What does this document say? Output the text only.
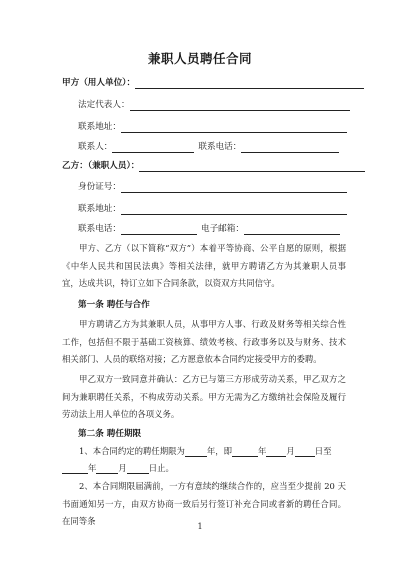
兼职人员聘任合同
甲方（用人单位）：
法定代表人：
联系地址：
联系人：	联系电话：
乙方：（兼职人员）：
身份证号：
联系地址：
联系电话：	电子邮箱：
甲方、乙方（以下简称“双方”）本着平等协商、公平自愿的原则，根据《中华人民共和国民法典》等相关法律，就甲方聘请乙方为其兼职人员事宜，达成共识，特订立如下合同条款，以资双方共同信守。
第一条 聘任与合作
甲方聘请乙方为其兼职人员，从事甲方人事、行政及财务等相关综合性工作，包括但不限于基础工资核算、绩效考核、行政事务以及与财务、技术相关部门、人员的联络对接；乙方愿意依本合同约定接受甲方的委聘。
甲乙双方一致同意并确认：乙方已与第三方形成劳动关系，甲乙双方之间为兼职聘任关系，不构成劳动关系。甲方无需为乙方缴纳社会保险及履行劳动法上用人单位的各项义务。
第二条 聘任期限
1、本合同约定的聘任期限为	年，即	年 月 日至
年	月	日止。
2、本合同期限届满前，一方有意续约继续合作的，应当至少提前 20 天书面通知另一方，由双方协商一致后另行签订补充合同或者新的聘任合同。在同等条
1
